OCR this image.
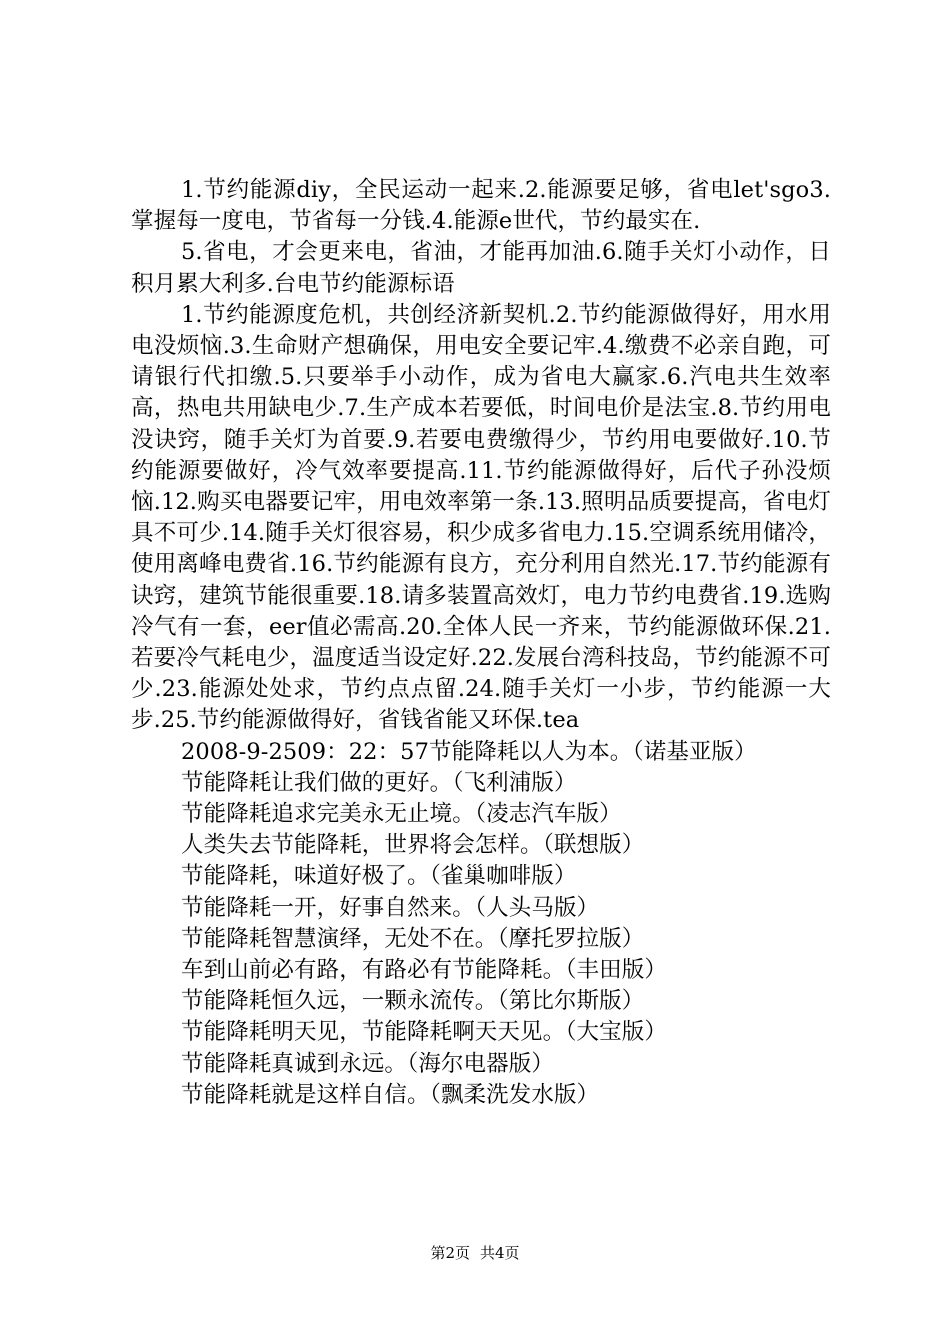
1.节约能源diy，全民运动一起来.2.能源要足够，省电let'sgo3.掌握每一度电，节省每一分钱.4.能源e世代，节约最实在.

5.省电，才会更来电，省油，才能再加油.6.随手关灯小动作，日积月累大利多.台电节约能源标语

1.节约能源度危机，共创经济新契机.2.节约能源做得好，用水用电没烦恼.3.生命财产想确保，用电安全要记牢.4.缴费不必亲自跑，可请银行代扣缴.5.只要举手小动作，成为省电大赢家.6.汽电共生效率高，热电共用缺电少.7.生产成本若要低，时间电价是法宝.8.节约用电没诀窍，随手关灯为首要.9.若要电费缴得少，节约用电要做好.10.节约能源要做好，冷气效率要提高.11.节约能源做得好，后代子孙没烦恼.12.购买电器要记牢，用电效率第一条.13.照明品质要提高，省电灯具不可少.14.随手关灯很容易，积少成多省电力.15.空调系统用储冷，使用离峰电费省.16.节约能源有良方，充分利用自然光.17.节约能源有诀窍，建筑节能很重要.18.请多装置高效灯，电力节约电费省.19.选购冷气有一套，eer值必需高.20.全体人民一齐来，节约能源做环保.21.若要冷气耗电少，温度适当设定好.22.发展台湾科技岛，节约能源不可少.23.能源处处求，节约点点留.24.随手关灯一小步，节约能源一大步.25.节约能源做得好，省钱省能又环保.tea

2008-9-2509：22：57节能降耗以人为本。（诺基亚版）

节能降耗让我们做的更好。（飞利浦版）

节能降耗追求完美永无止境。（凌志汽车版）

人类失去节能降耗，世界将会怎样。（联想版）

节能降耗，味道好极了。（雀巢咖啡版）

节能降耗一开，好事自然来。（人头马版）

节能降耗智慧演绎，无处不在。（摩托罗拉版）

车到山前必有路，有路必有节能降耗。（丰田版）

节能降耗恒久远，一颗永流传。（第比尔斯版）

节能降耗明天见，节能降耗啊天天见。（大宝版）

节能降耗真诚到永远。（海尔电器版）

节能降耗就是这样自信。（飘柔洗发水版）

第2页 共4页
